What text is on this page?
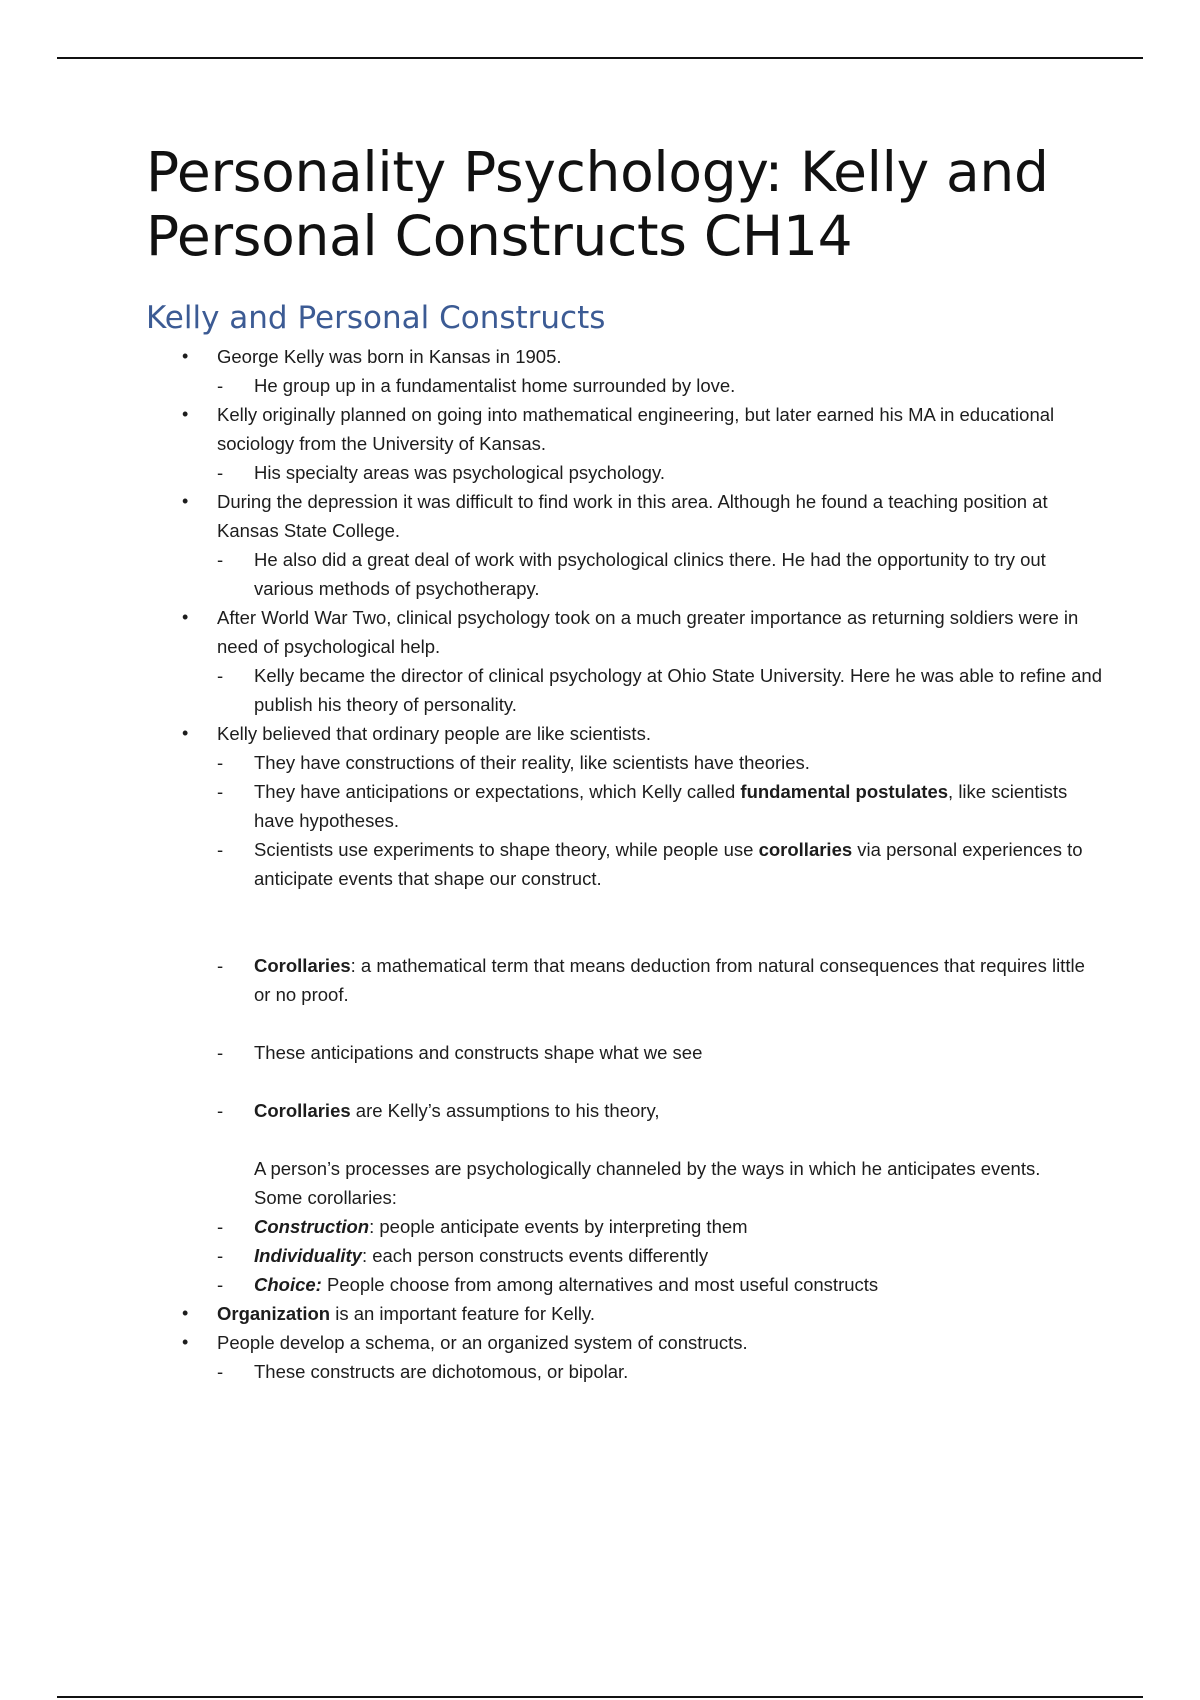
Personality Psychology: Kelly and Personal Constructs CH14
Kelly and Personal Constructs
• George Kelly was born in Kansas in 1905.
- He group up in a fundamentalist home surrounded by love.
• Kelly originally planned on going into mathematical engineering, but later earned his MA in educational sociology from the University of Kansas.
- His specialty areas was psychological psychology.
• During the depression it was difficult to find work in this area. Although he found a teaching position at Kansas State College.
- He also did a great deal of work with psychological clinics there. He had the opportunity to try out various methods of psychotherapy.
• After World War Two, clinical psychology took on a much greater importance as returning soldiers were in need of psychological help.
- Kelly became the director of clinical psychology at Ohio State University. Here he was able to refine and publish his theory of personality.
• Kelly believed that ordinary people are like scientists.
- They have constructions of their reality, like scientists have theories.
- They have anticipations or expectations, which Kelly called fundamental postulates, like scientists have hypotheses.
- Scientists use experiments to shape theory, while people use corollaries via personal experiences to anticipate events that shape our construct.
- Corollaries: a mathematical term that means deduction from natural consequences that requires little or no proof.
- These anticipations and constructs shape what we see
- Corollaries are Kelly’s assumptions to his theory,
A person’s processes are psychologically channeled by the ways in which he anticipates events.
Some corollaries:
- Construction: people anticipate events by interpreting them
- Individuality: each person constructs events differently
- Choice: People choose from among alternatives and most useful constructs
• Organization is an important feature for Kelly.
• People develop a schema, or an organized system of constructs.
- These constructs are dichotomous, or bipolar.
